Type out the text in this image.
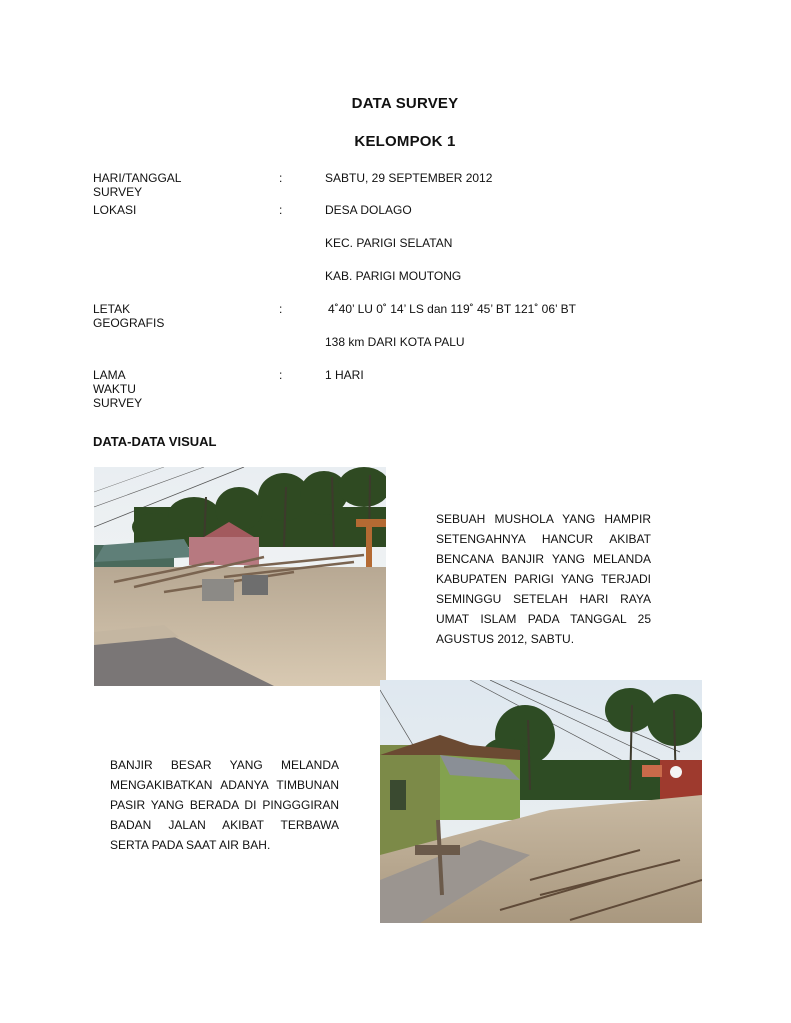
DATA SURVEY
KELOMPOK 1
HARI/TANGGAL SURVEY
:	SABTU, 29 SEPTEMBER 2012
LOKASI	:	DESA DOLAGO
KEC. PARIGI SELATAN
KAB. PARIGI MOUTONG
LETAK GEOGRAFIS
:	4˚40’ LU 0˚ 14’ LS dan 119˚ 45’ BT 121˚ 06’ BT
138 km DARI KOTA PALU
LAMA WAKTU SURVEY
:	1 HARI
DATA-DATA VISUAL
SEBUAH MUSHOLA YANG HAMPIR SETENGAHNYA HANCUR AKIBAT BENCANA BANJIR YANG MELANDA KABUPATEN PARIGI YANG TERJADI SEMINGGU SETELAH HARI RAYA UMAT ISLAM PADA TANGGAL 25 AGUSTUS 2012, SABTU.
BANJIR BESAR YANG MELANDA MENGAKIBATKAN ADANYA TIMBUNAN PASIR YANG BERADA DI PINGGGIRAN BADAN JALAN AKIBAT TERBAWA SERTA PADA SAAT AIR BAH.
